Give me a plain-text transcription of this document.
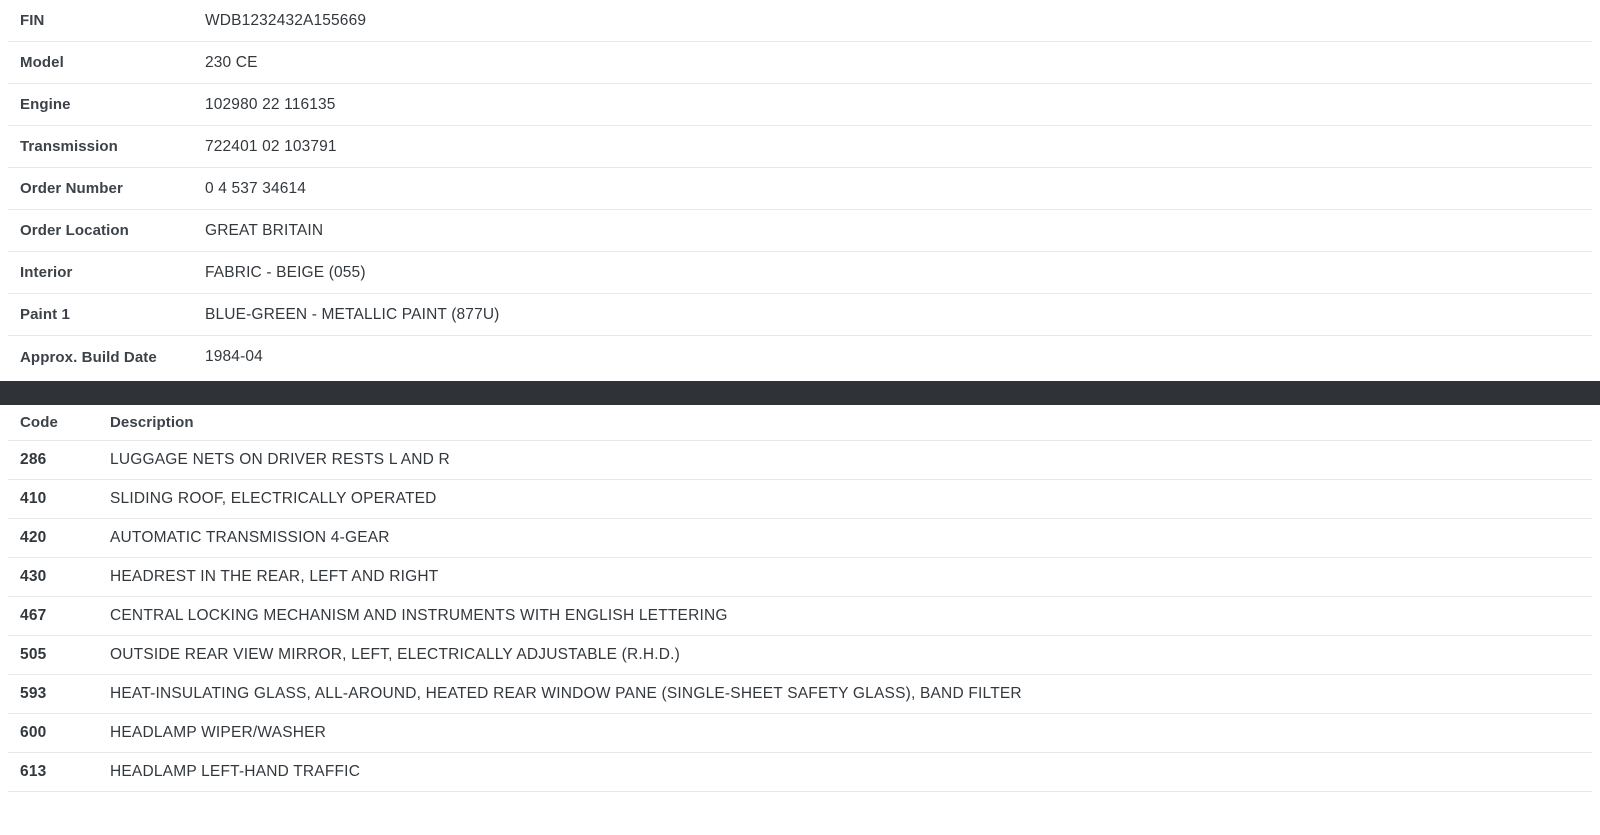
FIN	WDB1232432A155669
Model	230 CE
Engine	102980 22 116135
Transmission	722401 02 103791
Order Number	0 4 537 34614
Order Location	GREAT BRITAIN
Interior	FABRIC - BEIGE (055)
Paint 1	BLUE-GREEN - METALLIC PAINT (877U)
Approx. Build Date	1984-04
Code	Description
286	LUGGAGE NETS ON DRIVER RESTS L AND R
410	SLIDING ROOF, ELECTRICALLY OPERATED
420	AUTOMATIC TRANSMISSION 4-GEAR
430	HEADREST IN THE REAR, LEFT AND RIGHT
467	CENTRAL LOCKING MECHANISM AND INSTRUMENTS WITH ENGLISH LETTERING
505	OUTSIDE REAR VIEW MIRROR, LEFT, ELECTRICALLY ADJUSTABLE (R.H.D.)
593	HEAT-INSULATING GLASS, ALL-AROUND, HEATED REAR WINDOW PANE (SINGLE-SHEET SAFETY GLASS), BAND FILTER
600	HEADLAMP WIPER/WASHER
613	HEADLAMP LEFT-HAND TRAFFIC
